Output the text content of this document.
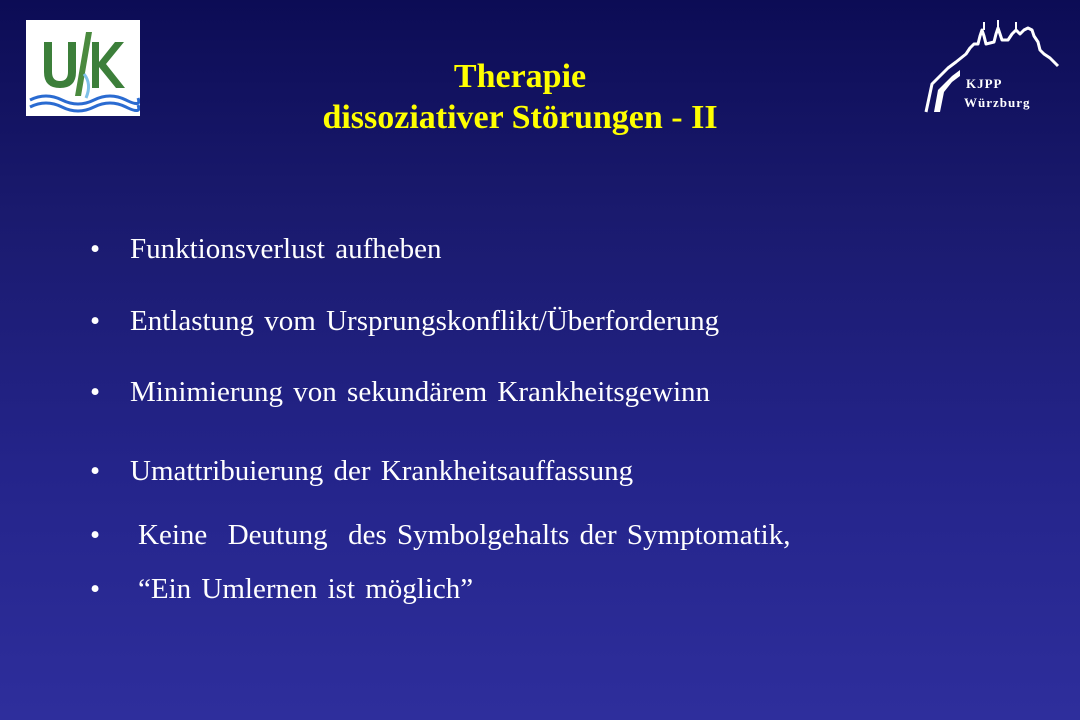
Therapie
dissoziativer Störungen - II
KJPP
Würzburg
• Funktionsverlust aufheben
• Entlastung vom Ursprungskonflikt/Überforderung
• Minimierung von sekundärem Krankheitsgewinn
• Umattribuierung der Krankheitsauffassung
• Keine  Deutung  des Symbolgehalts der Symptomatik,
• “Ein Umlernen ist möglich”
